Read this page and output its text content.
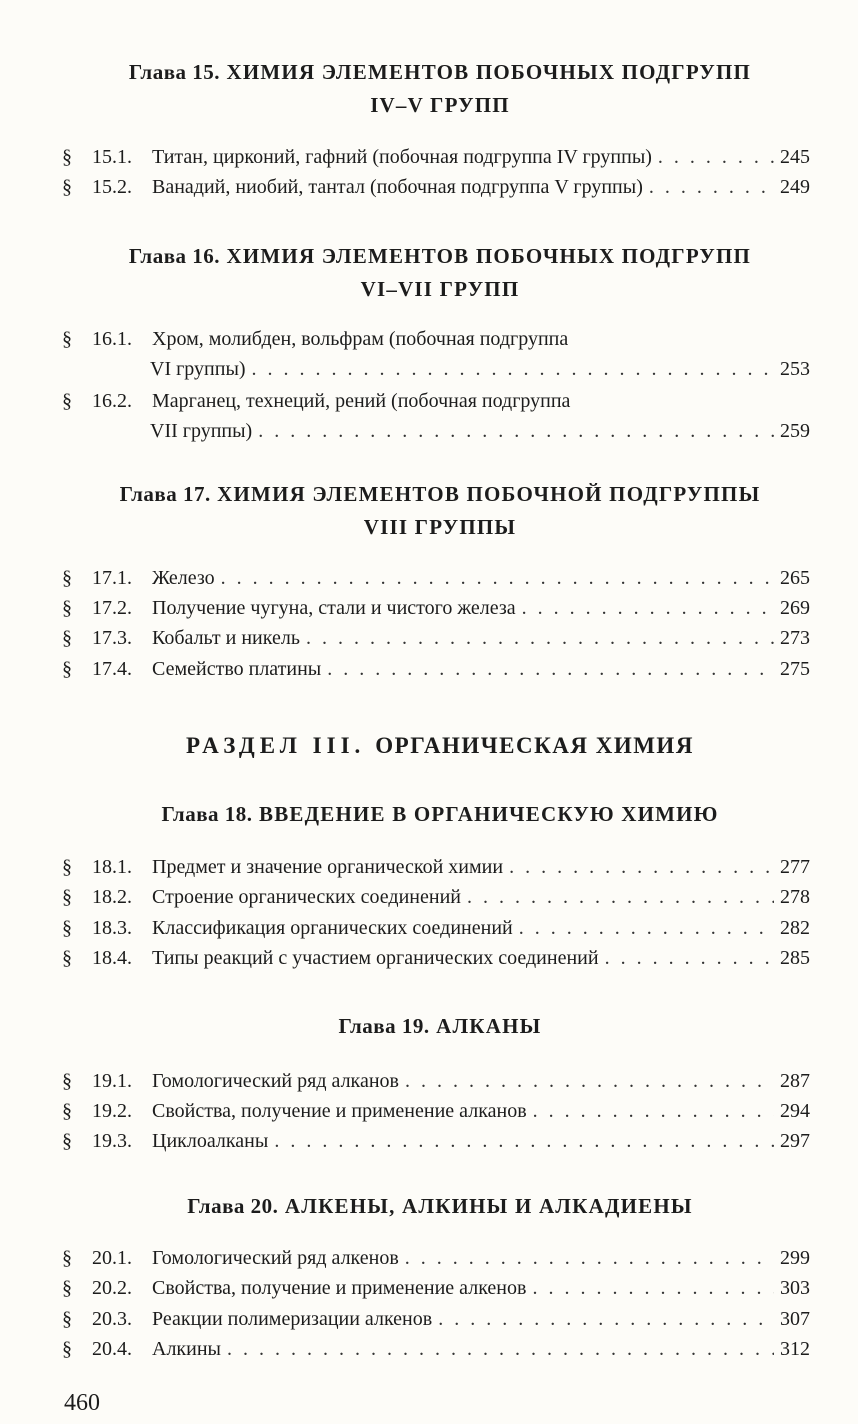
Глава 15. ХИМИЯ ЭЛЕМЕНТОВ ПОБОЧНЫХ ПОДГРУПП
IV–V ГРУПП
§	15.1.	Титан, цирконий, гафний (побочная подгруппа IV группы) . . .	245
§	15.2.	Ванадий, ниобий, тантал (побочная подгруппа V группы) . . .	249
Глава 16. ХИМИЯ ЭЛЕМЕНТОВ ПОБОЧНЫХ ПОДГРУПП
VI–VII ГРУПП
§	16.1.	Хром, молибден, вольфрам (побочная подгруппа
VI группы) . . .	253
§	16.2.	Марганец, технеций, рений (побочная подгруппа
VII группы) . . .	259
Глава 17. ХИМИЯ ЭЛЕМЕНТОВ ПОБОЧНОЙ ПОДГРУППЫ
VIII ГРУППЫ
§	17.1.	Железо . . .	265
§	17.2.	Получение чугуна, стали и чистого железа . . .	269
§	17.3.	Кобальт и никель . . .	273
§	17.4.	Семейство платины . . .	275
РАЗДЕЛ III. ОРГАНИЧЕСКАЯ ХИМИЯ
Глава 18. ВВЕДЕНИЕ В ОРГАНИЧЕСКУЮ ХИМИЮ
§	18.1.	Предмет и значение органической химии . . .	277
§	18.2.	Строение органических соединений . . .	278
§	18.3.	Классификация органических соединений . . .	282
§	18.4.	Типы реакций с участием органических соединений . . .	285
Глава 19. АЛКАНЫ
§	19.1.	Гомологический ряд алканов . . .	287
§	19.2.	Свойства, получение и применение алканов . . .	294
§	19.3.	Циклоалканы . . .	297
Глава 20. АЛКЕНЫ, АЛКИНЫ И АЛКАДИЕНЫ
§	20.1.	Гомологический ряд алкенов . . .	299
§	20.2.	Свойства, получение и применение алкенов . . .	303
§	20.3.	Реакции полимеризации алкенов . . .	307
§	20.4.	Алкины . . .	312
460
